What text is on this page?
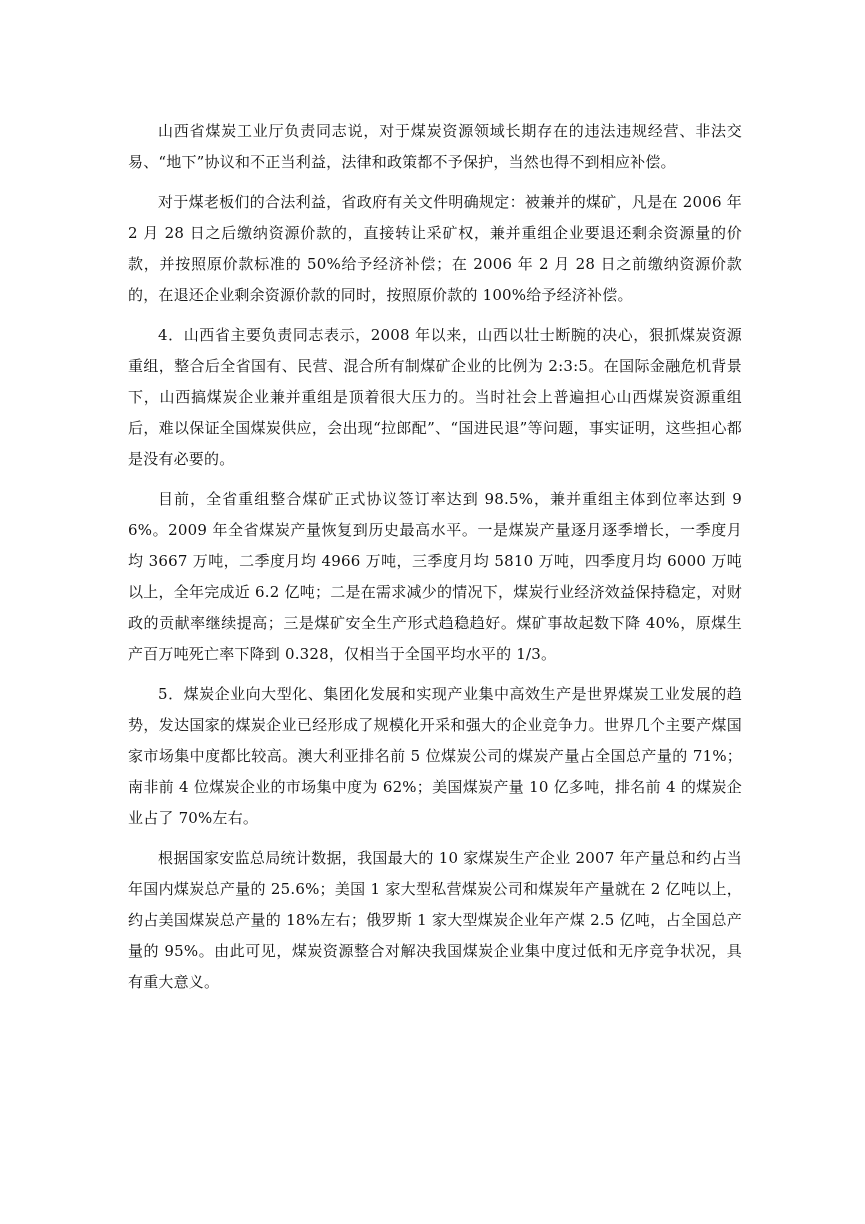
山西省煤炭工业厅负责同志说，对于煤炭资源领域长期存在的违法违规经营、非法交易、“地下”协议和不正当利益，法律和政策都不予保护，当然也得不到相应补偿。

对于煤老板们的合法利益，省政府有关文件明确规定：被兼并的煤矿，凡是在 2006 年 2 月 28 日之后缴纳资源价款的，直接转让采矿权，兼并重组企业要退还剩余资源量的价款，并按照原价款标准的 50%给予经济补偿；在 2006 年 2 月 28 日之前缴纳资源价款的，在退还企业剩余资源价款的同时，按照原价款的 100%给予经济补偿。

4．山西省主要负责同志表示，2008 年以来，山西以壮士断腕的决心，狠抓煤炭资源重组，整合后全省国有、民营、混合所有制煤矿企业的比例为 2:3:5。在国际金融危机背景下，山西搞煤炭企业兼并重组是顶着很大压力的。当时社会上普遍担心山西煤炭资源重组后，难以保证全国煤炭供应，会出现“拉郎配”、“国进民退”等问题，事实证明，这些担心都是没有必要的。

目前，全省重组整合煤矿正式协议签订率达到 98.5%，兼并重组主体到位率达到 96%。2009 年全省煤炭产量恢复到历史最高水平。一是煤炭产量逐月逐季增长，一季度月均 3667 万吨，二季度月均 4966 万吨，三季度月均 5810 万吨，四季度月均 6000 万吨以上，全年完成近 6.2 亿吨；二是在需求减少的情况下，煤炭行业经济效益保持稳定，对财政的贡献率继续提高；三是煤矿安全生产形式趋稳趋好。煤矿事故起数下降 40%，原煤生产百万吨死亡率下降到 0.328，仅相当于全国平均水平的 1/3。

5．煤炭企业向大型化、集团化发展和实现产业集中高效生产是世界煤炭工业发展的趋势，发达国家的煤炭企业已经形成了规模化开采和强大的企业竞争力。世界几个主要产煤国家市场集中度都比较高。澳大利亚排名前 5 位煤炭公司的煤炭产量占全国总产量的 71%；南非前 4 位煤炭企业的市场集中度为 62%；美国煤炭产量 10 亿多吨，排名前 4 的煤炭企业占了 70%左右。

根据国家安监总局统计数据，我国最大的 10 家煤炭生产企业 2007 年产量总和约占当年国内煤炭总产量的 25.6%；美国 1 家大型私营煤炭公司和煤炭年产量就在 2 亿吨以上，约占美国煤炭总产量的 18%左右；俄罗斯 1 家大型煤炭企业年产煤 2.5 亿吨，占全国总产量的 95%。由此可见，煤炭资源整合对解决我国煤炭企业集中度过低和无序竞争状况，具有重大意义。
